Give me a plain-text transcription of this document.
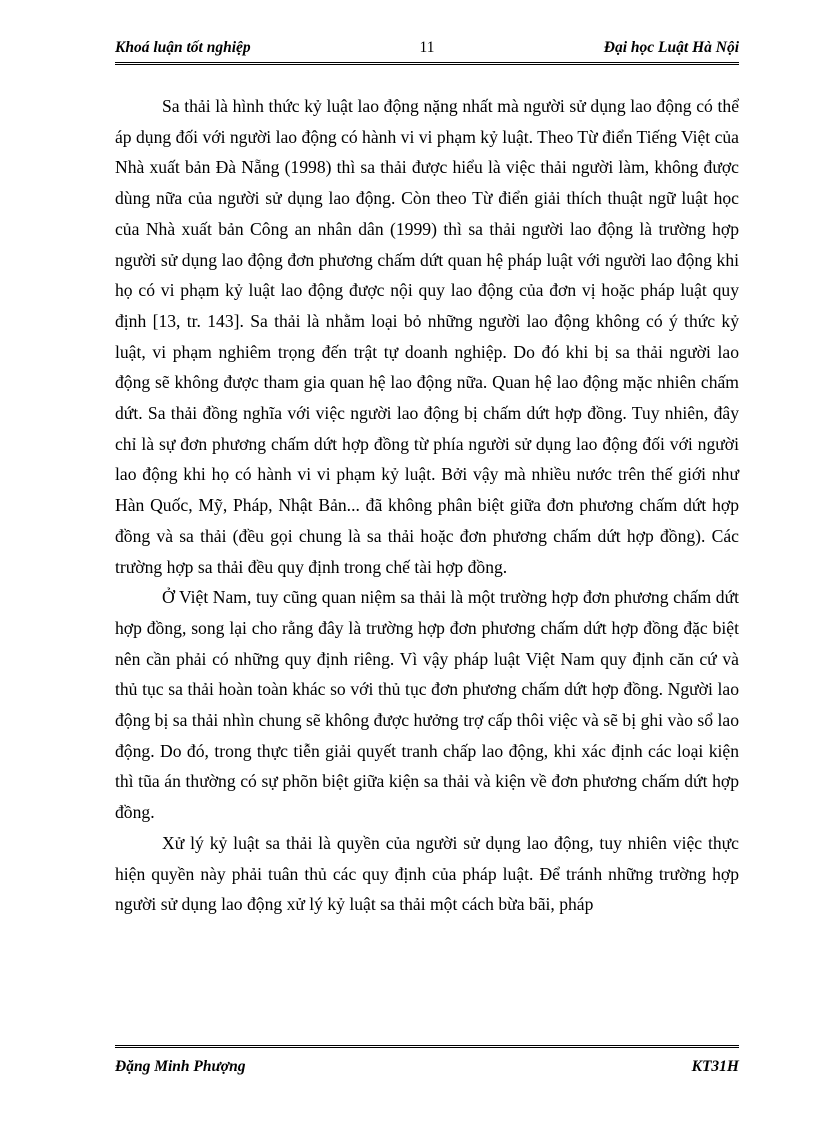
Khoá luận tốt nghiệp	11	Đại học Luật Hà Nội

Sa thải là hình thức kỷ luật lao động nặng nhất mà người sử dụng lao động có thể áp dụng đối với người lao động có hành vi vi phạm kỷ luật. Theo Từ điển Tiếng Việt của Nhà xuất bản Đà Nẵng (1998) thì sa thải được hiểu là việc thải người làm, không được dùng nữa của người sử dụng lao động. Còn theo Từ điển giải thích thuật ngữ luật học của Nhà xuất bản Công an nhân dân (1999) thì sa thải người lao động là trường hợp người sử dụng lao động đơn phương chấm dứt quan hệ pháp luật với người lao động khi họ có vi phạm kỷ luật lao động được nội quy lao động của đơn vị hoặc pháp luật quy định [13, tr. 143]. Sa thải là nhằm loại bỏ những người lao động không có ý thức kỷ luật, vi phạm nghiêm trọng đến trật tự doanh nghiệp. Do đó khi bị sa thải người lao động sẽ không được tham gia quan hệ lao động nữa. Quan hệ lao động mặc nhiên chấm dứt. Sa thải đồng nghĩa với việc người lao động bị chấm dứt hợp đồng. Tuy nhiên, đây chỉ là sự đơn phương chấm dứt hợp đồng từ phía người sử dụng lao động đối với người lao động khi họ có hành vi vi phạm kỷ luật. Bởi vậy mà nhiều nước trên thế giới như Hàn Quốc, Mỹ, Pháp, Nhật Bản... đã không phân biệt giữa đơn phương chấm dứt hợp đồng và sa thải (đều gọi chung là sa thải hoặc đơn phương chấm dứt hợp đồng). Các trường hợp sa thải đều quy định trong chế tài hợp đồng.

Ở Việt Nam, tuy cũng quan niệm sa thải là một trường hợp đơn phương chấm dứt hợp đồng, song lại cho rằng đây là trường hợp đơn phương chấm dứt hợp đồng đặc biệt nên cần phải có những quy định riêng. Vì vậy pháp luật Việt Nam quy định căn cứ và thủ tục sa thải hoàn toàn khác so với thủ tục đơn phương chấm dứt hợp đồng. Người lao động bị sa thải nhìn chung sẽ không được hưởng trợ cấp thôi việc và sẽ bị ghi vào sổ lao động. Do đó, trong thực tiễn giải quyết tranh chấp lao động, khi xác định các loại kiện thì tũa án thường có sự phõn biệt giữa kiện sa thải và kiện về đơn phương chấm dứt hợp đồng.

Xử lý kỷ luật sa thải là quyền của người sử dụng lao động, tuy nhiên việc thực hiện quyền này phải tuân thủ các quy định của pháp luật. Để tránh những trường hợp người sử dụng lao động xử lý kỷ luật sa thải một cách bừa bãi, pháp

Đặng Minh Phượng	KT31H
